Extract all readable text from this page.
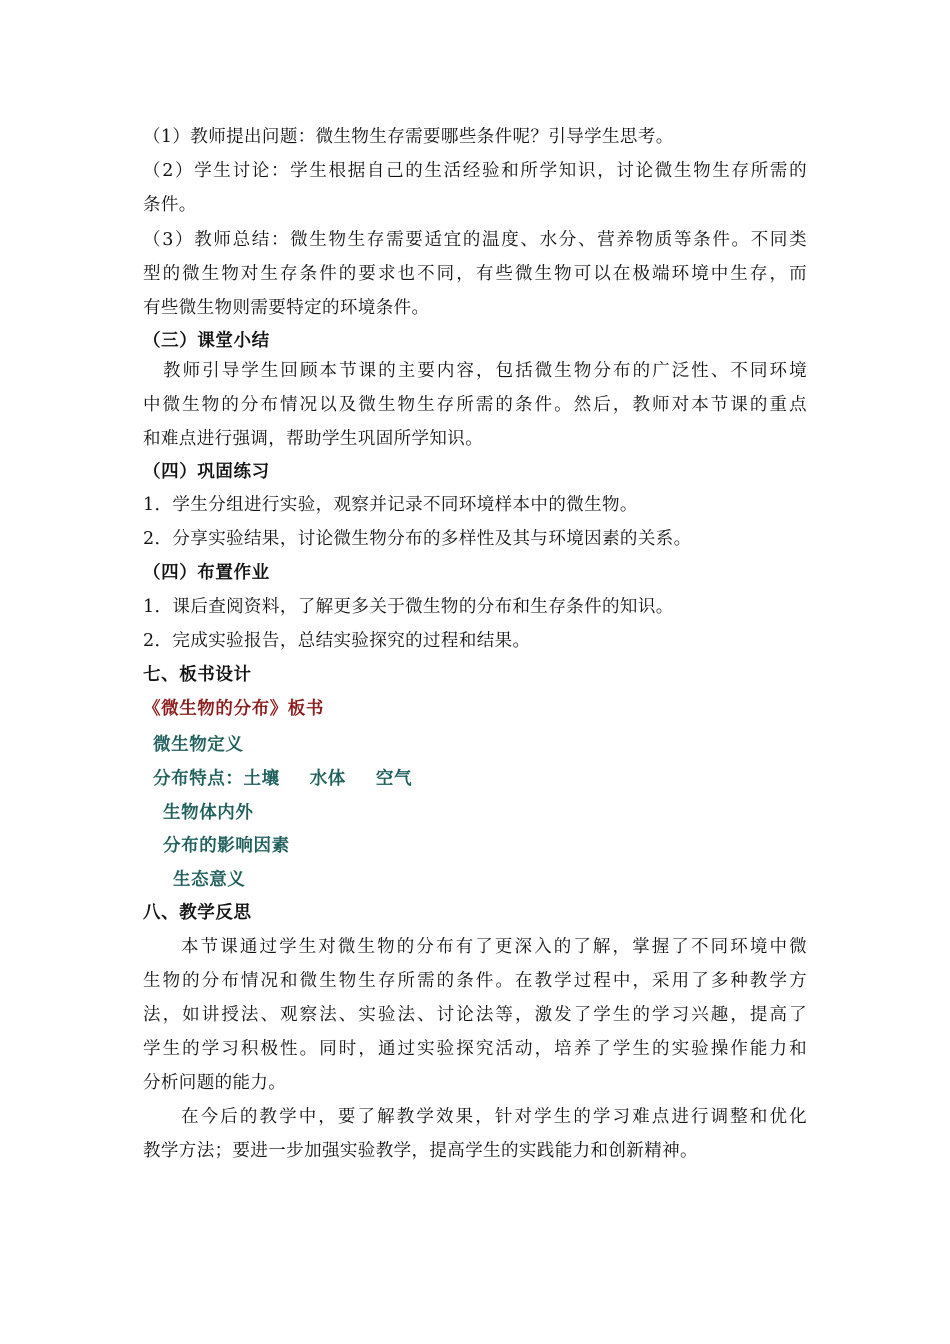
（1）教师提出问题：微生物生存需要哪些条件呢？引导学生思考。
（2）学生讨论：学生根据自己的生活经验和所学知识，讨论微生物生存所需的
条件。
（3）教师总结：微生物生存需要适宜的温度、水分、营养物质等条件。不同类
型的微生物对生存条件的要求也不同，有些微生物可以在极端环境中生存，而
有些微生物则需要特定的环境条件。
（三）课堂小结
教师引导学生回顾本节课的主要内容，包括微生物分布的广泛性、不同环境
中微生物的分布情况以及微生物生存所需的条件。然后，教师对本节课的重点
和难点进行强调，帮助学生巩固所学知识。
（四）巩固练习
1．学生分组进行实验，观察并记录不同环境样本中的微生物。
2．分享实验结果，讨论微生物分布的多样性及其与环境因素的关系。
（四）布置作业
1．课后查阅资料，了解更多关于微生物的分布和生存条件的知识。
2．完成实验报告，总结实验探究的过程和结果。
七、板书设计
《微生物的分布》板书
微生物定义
分布特点：土壤 水体 空气
生物体内外
分布的影响因素
生态意义
八、教学反思
本节课通过学生对微生物的分布有了更深入的了解，掌握了不同环境中微
生物的分布情况和微生物生存所需的条件。在教学过程中，采用了多种教学方
法，如讲授法、观察法、实验法、讨论法等，激发了学生的学习兴趣，提高了
学生的学习积极性。同时，通过实验探究活动，培养了学生的实验操作能力和
分析问题的能力。
在今后的教学中，要了解教学效果，针对学生的学习难点进行调整和优化
教学方法；要进一步加强实验教学，提高学生的实践能力和创新精神。
